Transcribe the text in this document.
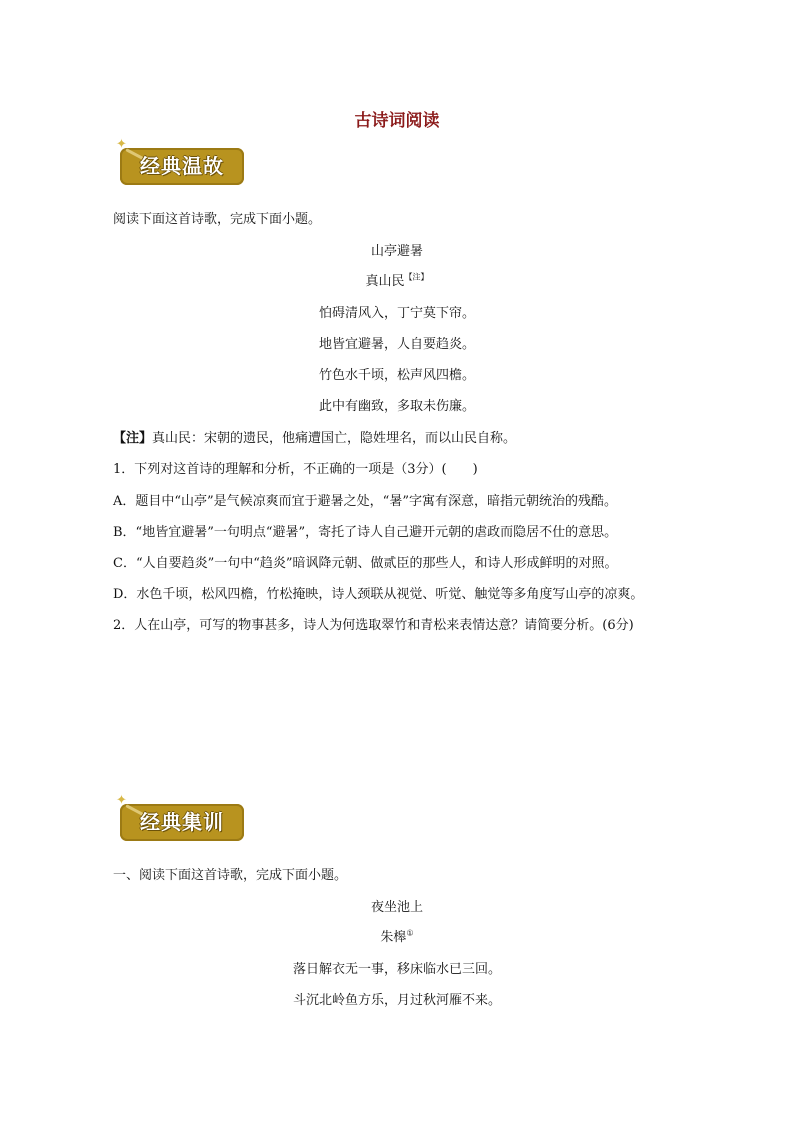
古诗词阅读
✦
经典温故
阅读下面这首诗歌，完成下面小题。
山亭避暑
真山民$^{【注】}$
怕碍清风入，丁宁莫下帘。
地皆宜避暑，人自要趋炎。
竹色水千顷，松声风四檐。
此中有幽致，多取未伤廉。
【注】真山民：宋朝的遗民，他痛遭国亡，隐姓埋名，而以山民自称。
1．下列对这首诗的理解和分析，不正确的一项是（3分）(　　)
A．题目中“山亭”是气候凉爽而宜于避暑之处，“暑”字寓有深意，暗指元朝统治的残酷。
B．“地皆宜避暑”一句明点“避暑”，寄托了诗人自己避开元朝的虐政而隐居不仕的意思。
C．“人自要趋炎”一句中“趋炎”暗讽降元朝、做贰臣的那些人，和诗人形成鲜明的对照。
D．水色千顷，松风四檐，竹松掩映，诗人颈联从视觉、听觉、触觉等多角度写山亭的凉爽。
2．人在山亭，可写的物事甚多，诗人为何选取翠竹和青松来表情达意？请简要分析。(6分)
✦
经典集训
一、阅读下面这首诗歌，完成下面小题。
夜坐池上
朱槔①
落日解衣无一事，移床临水已三回。
斗沉北岭鱼方乐，月过秋河雁不来。
